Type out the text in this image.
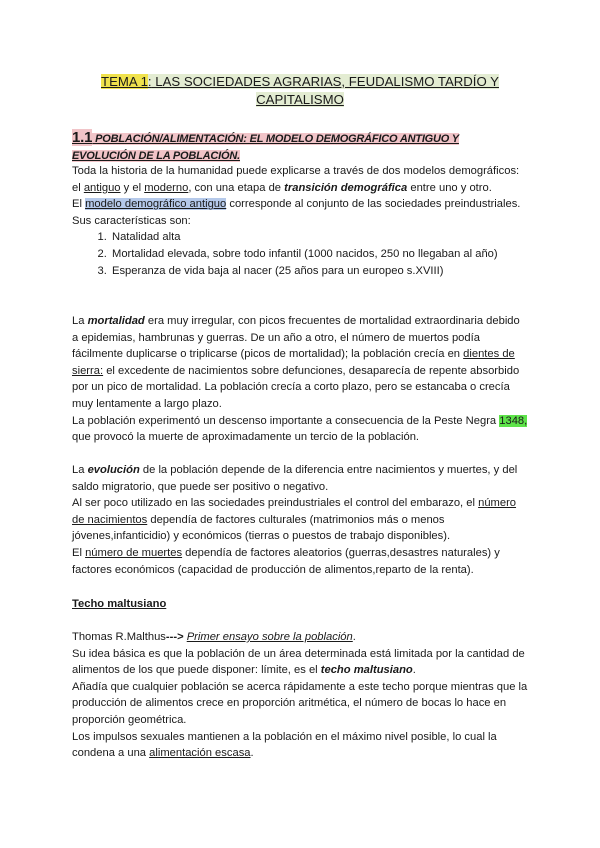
TEMA 1: LAS SOCIEDADES AGRARIAS, FEUDALISMO TARDÍO Y
CAPITALISMO
1.1 POBLACIÓN/ALIMENTACIÓN: EL MODELO DEMOGRÁFICO ANTIGUO Y
EVOLUCIÓN DE LA POBLACIÓN.

Toda la historia de la humanidad puede explicarse a través de dos modelos demográficos: el antiguo y el moderno, con una etapa de transición demográfica entre uno y otro.

El modelo demográfico antiguo corresponde al conjunto de las sociedades preindustriales. Sus características son:

1. Natalidad alta
2. Mortalidad elevada, sobre todo infantil (1000 nacidos, 250 no llegaban al año)
3. Esperanza de vida baja al nacer (25 años para un europeo s.XVIII)

La mortalidad era muy irregular, con picos frecuentes de mortalidad extraordinaria debido a epidemias, hambrunas y guerras. De un año a otro, el número de muertos podía fácilmente duplicarse o triplicarse (picos de mortalidad); la población crecía en dientes de sierra: el excedente de nacimientos sobre defunciones, desaparecía de repente absorbido por un pico de mortalidad. La población crecía a corto plazo, pero se estancaba o crecía muy lentamente a largo plazo.

La población experimentó un descenso importante a consecuencia de la Peste Negra 1348, que provocó la muerte de aproximadamente un tercio de la población.

La evolución de la población depende de la diferencia entre nacimientos y muertes, y del saldo migratorio, que puede ser positivo o negativo.

Al ser poco utilizado en las sociedades preindustriales el control del embarazo, el número de nacimientos dependía de factores culturales (matrimonios más o menos jóvenes,infanticidio) y económicos (tierras o puestos de trabajo disponibles).

El número de muertes dependía de factores aleatorios (guerras,desastres naturales) y factores económicos (capacidad de producción de alimentos,reparto de la renta).

Techo maltusiano

Thomas R.Malthus---> Primer ensayo sobre la población.

Su idea básica es que la población de un área determinada está limitada por la cantidad de alimentos de los que puede disponer: límite, es el techo maltusiano.

Añadía que cualquier población se acerca rápidamente a este techo porque mientras que la producción de alimentos crece en proporción aritmética, el número de bocas lo hace en proporción geométrica.

Los impulsos sexuales mantienen a la población en el máximo nivel posible, lo cual la condena a una alimentación escasa.
